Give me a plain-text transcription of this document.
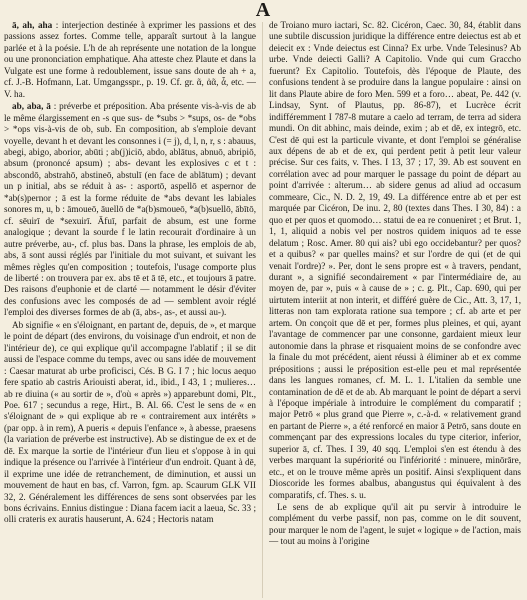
A

ā, ah, aha : interjection destinée à exprimer les passions et des passions assez fortes. Comme telle, apparaît surtout à la langue parlée et à la poésie. L'h de ah représente une notation de la longue ou une prononciation emphatique. Aha atteste chez Plaute et dans la Vulgate est une forme à redoublement, issue sans doute de ah + a, cf. J.-B. Hofmann, Lat. Umgangsspr., p. 19. Cf. gr. ᾶ, ἀᾶ, ἆ, etc. — V. ha.

ab, aba, ā : préverbe et préposition. Aba présente vis-à-vis de ab le même élargissement en -s que sus- de *subs > *sups, os- de *obs > *ops vis-à-vis de ob, sub. En composition, ab s'emploie devant voyelle, devant h et devant les consonnes i (= j), d, l, n, r, s : abauus, abegi, abigo, aborior, abūti ; ab(j)iciō, abdo, ablātus, abnuō, abripiō, absum (prononcé apsum) ; abs- devant les explosives c et t : abscondō, abstrahō, abstineō, abstulī (en face de ablātum) ; devant un p initial, abs se réduit à as- : asportō, aspellō et aspernor de *ab(s)pernor ; ā est la forme réduite de *abs devant les labiales sonores m, u, b : āmoueō, āuellō de *a(b)smoueō, *a(b)suellō, ābītō, cf. sēuirī de *sexuirī. Āfuī, parfait de absum, est une forme analogique ; devant la sourde f le latin recourait d'ordinaire à un autre préverbe, au-, cf. plus bas. Dans la phrase, les emplois de ab, abs, ā sont aussi réglés par l'initiale du mot suivant, et suivant les mêmes règles qu'en composition ; toutefois, l'usage comporte plus de liberté : on trouvera par ex. abs tē et ā tē, etc., et toujours ā patre. Des raisons d'euphonie et de clarté — notamment le désir d'éviter des confusions avec les composés de ad — semblent avoir réglé l'emploi des diverses formes de ab (ā, abs-, as-, et aussi au-).

Ab signifie « en s'éloignant, en partant de, depuis, de », et marque le point de départ (des environs, du voisinage d'un endroit, et non de l'intérieur de), ce qui explique qu'il accompagne l'ablatif ; il se dit aussi de l'espace comme du temps, avec ou sans idée de mouvement : Caesar maturat ab urbe proficisci, Cés. B G. I 7 ; hic locus aequo fere spatio ab castris Ariouisti aberat, id., ibid., I 43, 1 ; mulieres… ab re diuina (« au sortir de », d'où « après ») apparebunt domi, Plt., Poe. 617 ; secundus a rege, Hirt., B. Al. 66. C'est le sens de « en s'éloignant de » qui explique ab re « contrairement aux intérêts » (par opp. à in rem), A pueris « depuis l'enfance », à abesse, praesens (la variation de préverbe est instructive). Ab se distingue de ex et de dē. Ex marque la sortie de l'intérieur d'un lieu et s'oppose à in qui indique la présence ou l'arrivée à l'intérieur d'un endroit. Quant à dē, il exprime une idée de retranchement, de diminution, et aussi un mouvement de haut en bas, cf. Varron, fgm. ap. Scaurum GLK VII 32, 2. Généralement les différences de sens sont observées par les bons écrivains. Ennius distingue : Diana facem iacit a laeua, Sc. 33 ; olli crateris ex auratis hauserunt, A. 624 ; Hectoris natam

de Troiano muro iactari, Sc. 82. Cicéron, Caec. 30, 84, établit dans une subtile discussion juridique la différence entre deiectus est ab et deiecit ex : Vnde deiectus est Cinna? Ex urbe. Vnde Telesinus? Ab urbe. Vnde deiecti Galli? A Capitolio. Vnde qui cum Graccho fuerunt? Ex Capitolio. Toutefois, dès l'époque de Plaute, des confusions tendent à se produire dans la langue populaire : ainsi on lit dans Plaute abire de foro Men. 599 et a foro… abeat, Pe. 442 (v. Lindsay, Synt. of Plautus, pp. 86-87), et Lucrèce écrit indifféremment I 787-8 mutare a caelo ad terram, de terra ad sidera mundi. On dit abhinc, mais deinde, exim ; ab et dē, ex integrō, etc. C'est dē qui est la particule vivante, et dont l'emploi se généralise aux dépens de ab et de ex, qui perdent petit à petit leur valeur précise. Sur ces faits, v. Thes. I 13, 37 ; 17, 39. Ab est souvent en corrélation avec ad pour marquer le passage du point de départ au point d'arrivée : alterum… ab sidere genus ad aliud ad occasum commeare, Cic., N. D. 2, 19, 49. La différence entre ab et per est marquée par Cicéron, De inu. 2, 80 (textes dans Thes. I 30, 84) : a quo et per quos et quomodo… statui de ea re conueniret ; et Brut. 1, 1, 1, aliquid a nobis vel per nostros quidem iniquos ad te esse delatum ; Rosc. Amer. 80 qui ais? ubi ego occidebantur? per quos? et a quibus? « par quelles mains? et sur l'ordre de qui (et de qui venait l'ordre)? ». Per, dont le sens propre est « à travers, pendant, durant », a signifié secondairement « par l'intermédiaire de, au moyen de, par », puis « à cause de » ; c. g. Plt., Cap. 690, qui per uirtutem interiit at non interit, et différé guère de Cic., Att. 3, 17, 1, litteras non tam explorata ratione sua tempore ; cf. ab arte et per artem. On conçoit que dē et per, formes plus pleines, et qui, ayant l'avantage de commencer par une consonne, gardaient mieux leur autonomie dans la phrase et risquaient moins de se confondre avec la finale du mot précédent, aient réussi à éliminer ab et ex comme prépositions ; aussi le préposition est-elle peu et mal représentée dans les langues romanes, cf. M. L. 1. L'italien da semble une contamination de dē et de ab. Ab marquant le point de départ a servi à l'époque impériale à introduire le complément du comparatif ; major Petrō « plus grand que Pierre », c.-à-d. « relativement grand en partant de Pierre », a été renforcé en maior ā Petrō, sans doute en commençant par des expressions locales du type citerior, inferior, superior ā, cf. Thes. I 39, 40 sqq. L'emploi s'en est étendu à des verbes marquant la supériorité ou l'infériorité : minuere, minōrāre, etc., et on le trouve même après un positif. Ainsi s'expliquent dans Dioscoride les formes abalbus, abangustus qui équivalent à des comparatifs, cf. Thes. s. u.

Le sens de ab explique qu'il ait pu servir à introduire le complément du verbe passif, non pas, comme on le dit souvent, pour marquer le nom de l'agent, le sujet « logique » de l'action, mais — tout au moins à l'origine
